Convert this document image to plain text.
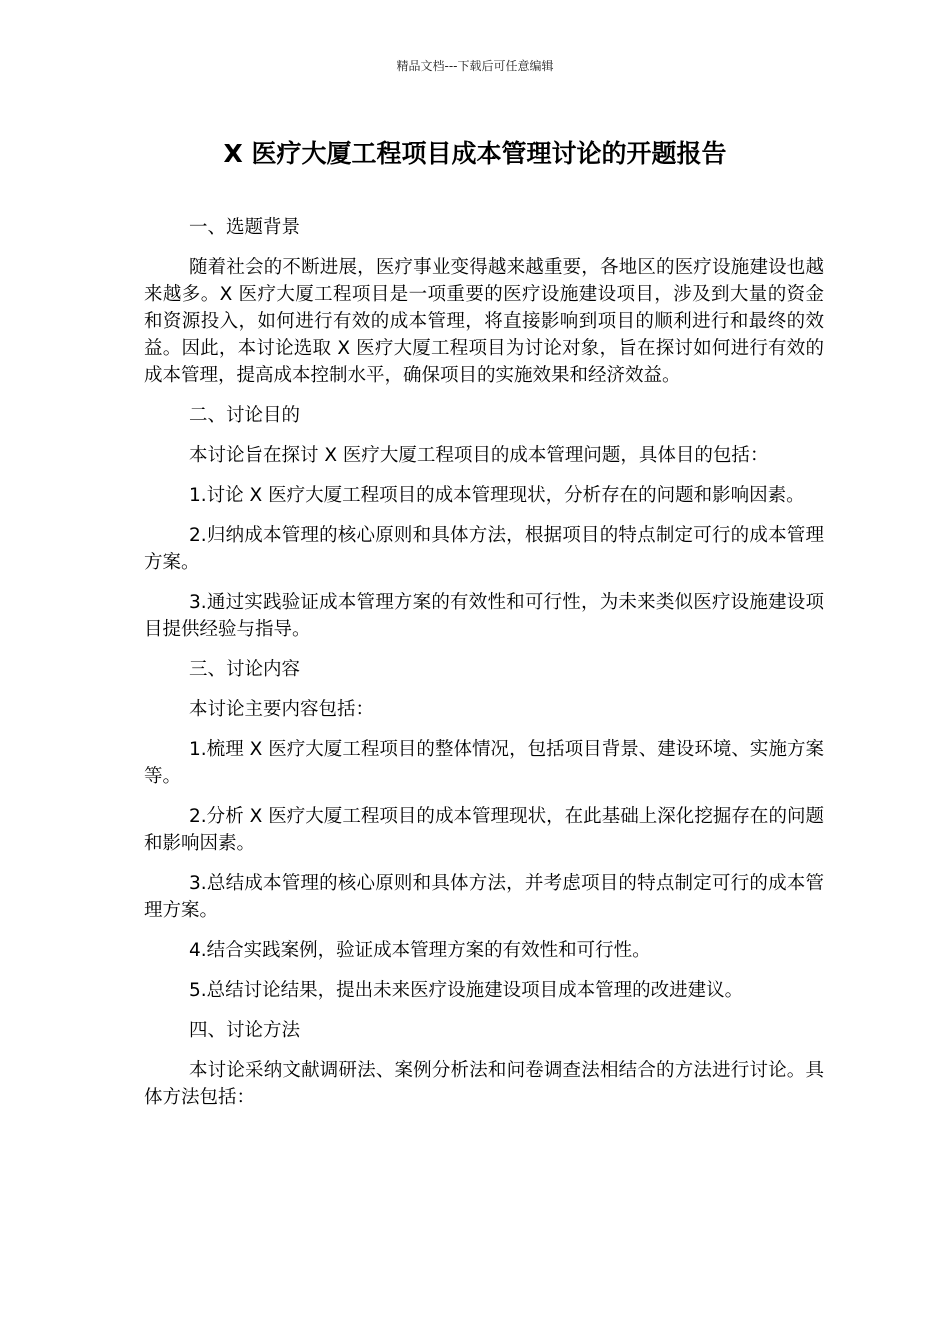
精品文档---下载后可任意编辑
X 医疗大厦工程项目成本管理讨论的开题报告

一、选题背景

随着社会的不断进展，医疗事业变得越来越重要，各地区的医疗设施建设也越来越多。X 医疗大厦工程项目是一项重要的医疗设施建设项目，涉及到大量的资金和资源投入，如何进行有效的成本管理，将直接影响到项目的顺利进行和最终的效益。因此，本讨论选取 X 医疗大厦工程项目为讨论对象，旨在探讨如何进行有效的成本管理，提高成本控制水平，确保项目的实施效果和经济效益。

二、讨论目的

本讨论旨在探讨 X 医疗大厦工程项目的成本管理问题，具体目的包括：

1.讨论 X 医疗大厦工程项目的成本管理现状，分析存在的问题和影响因素。

2.归纳成本管理的核心原则和具体方法，根据项目的特点制定可行的成本管理方案。

3.通过实践验证成本管理方案的有效性和可行性，为未来类似医疗设施建设项目提供经验与指导。

三、讨论内容

本讨论主要内容包括：

1.梳理 X 医疗大厦工程项目的整体情况，包括项目背景、建设环境、实施方案等。

2.分析 X 医疗大厦工程项目的成本管理现状，在此基础上深化挖掘存在的问题和影响因素。

3.总结成本管理的核心原则和具体方法，并考虑项目的特点制定可行的成本管理方案。

4.结合实践案例，验证成本管理方案的有效性和可行性。

5.总结讨论结果，提出未来医疗设施建设项目成本管理的改进建议。

四、讨论方法

本讨论采纳文献调研法、案例分析法和问卷调查法相结合的方法进行讨论。具体方法包括：
